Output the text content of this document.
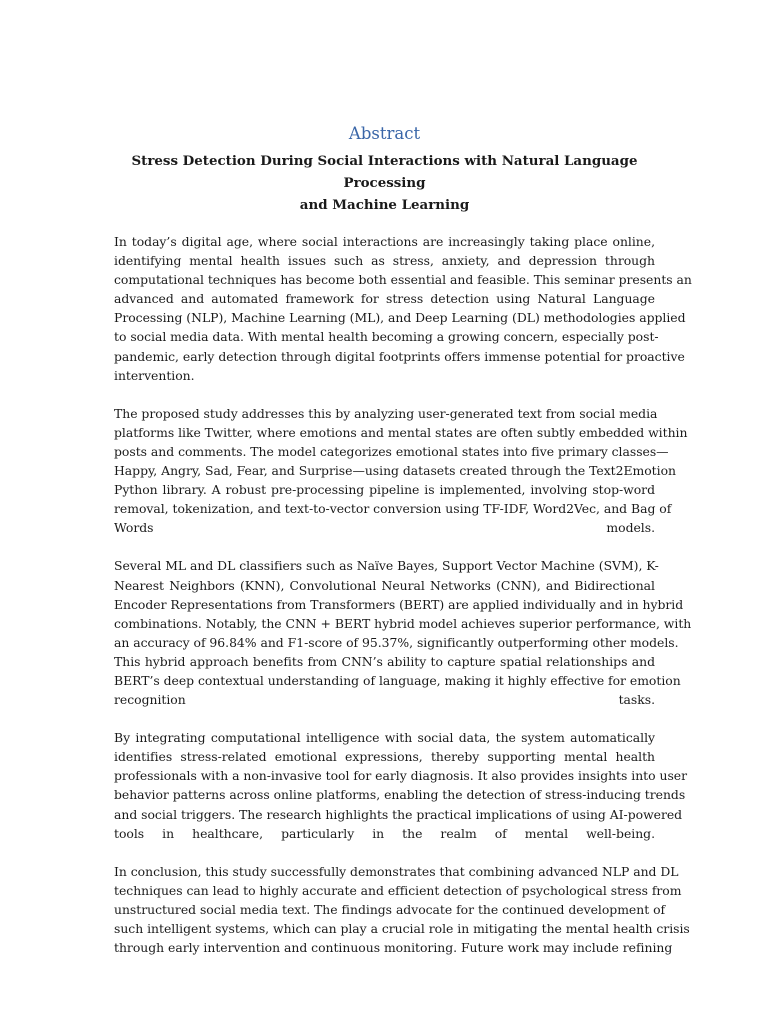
Abstract
Stress Detection During Social Interactions with Natural Language Processing
and Machine Learning

In today’s digital age, where social interactions are increasingly taking place online,
identifying mental health issues such as stress, anxiety, and depression through
computational techniques has become both essential and feasible. This seminar presents an
advanced and automated framework for stress detection using Natural Language
Processing (NLP), Machine Learning (ML), and Deep Learning (DL) methodologies applied
to social media data. With mental health becoming a growing concern, especially post-
pandemic, early detection through digital footprints offers immense potential for proactive
intervention.

The proposed study addresses this by analyzing user-generated text from social media
platforms like Twitter, where emotions and mental states are often subtly embedded within
posts and comments. The model categorizes emotional states into five primary classes—
Happy, Angry, Sad, Fear, and Surprise—using datasets created through the Text2Emotion
Python library. A robust pre-processing pipeline is implemented, involving stop-word
removal, tokenization, and text-to-vector conversion using TF-IDF, Word2Vec, and Bag of
Words models.

Several ML and DL classifiers such as Naïve Bayes, Support Vector Machine (SVM), K-
Nearest Neighbors (KNN), Convolutional Neural Networks (CNN), and Bidirectional
Encoder Representations from Transformers (BERT) are applied individually and in hybrid
combinations. Notably, the CNN + BERT hybrid model achieves superior performance, with
an accuracy of 96.84% and F1-score of 95.37%, significantly outperforming other models.
This hybrid approach benefits from CNN’s ability to capture spatial relationships and
BERT’s deep contextual understanding of language, making it highly effective for emotion
recognition tasks.

By integrating computational intelligence with social data, the system automatically
identifies stress-related emotional expressions, thereby supporting mental health
professionals with a non-invasive tool for early diagnosis. It also provides insights into user
behavior patterns across online platforms, enabling the detection of stress-inducing trends
and social triggers. The research highlights the practical implications of using AI-powered
tools in healthcare, particularly in the realm of mental well-being.

In conclusion, this study successfully demonstrates that combining advanced NLP and DL
techniques can lead to highly accurate and efficient detection of psychological stress from
unstructured social media text. The findings advocate for the continued development of
such intelligent systems, which can play a crucial role in mitigating the mental health crisis
through early intervention and continuous monitoring. Future work may include refining
